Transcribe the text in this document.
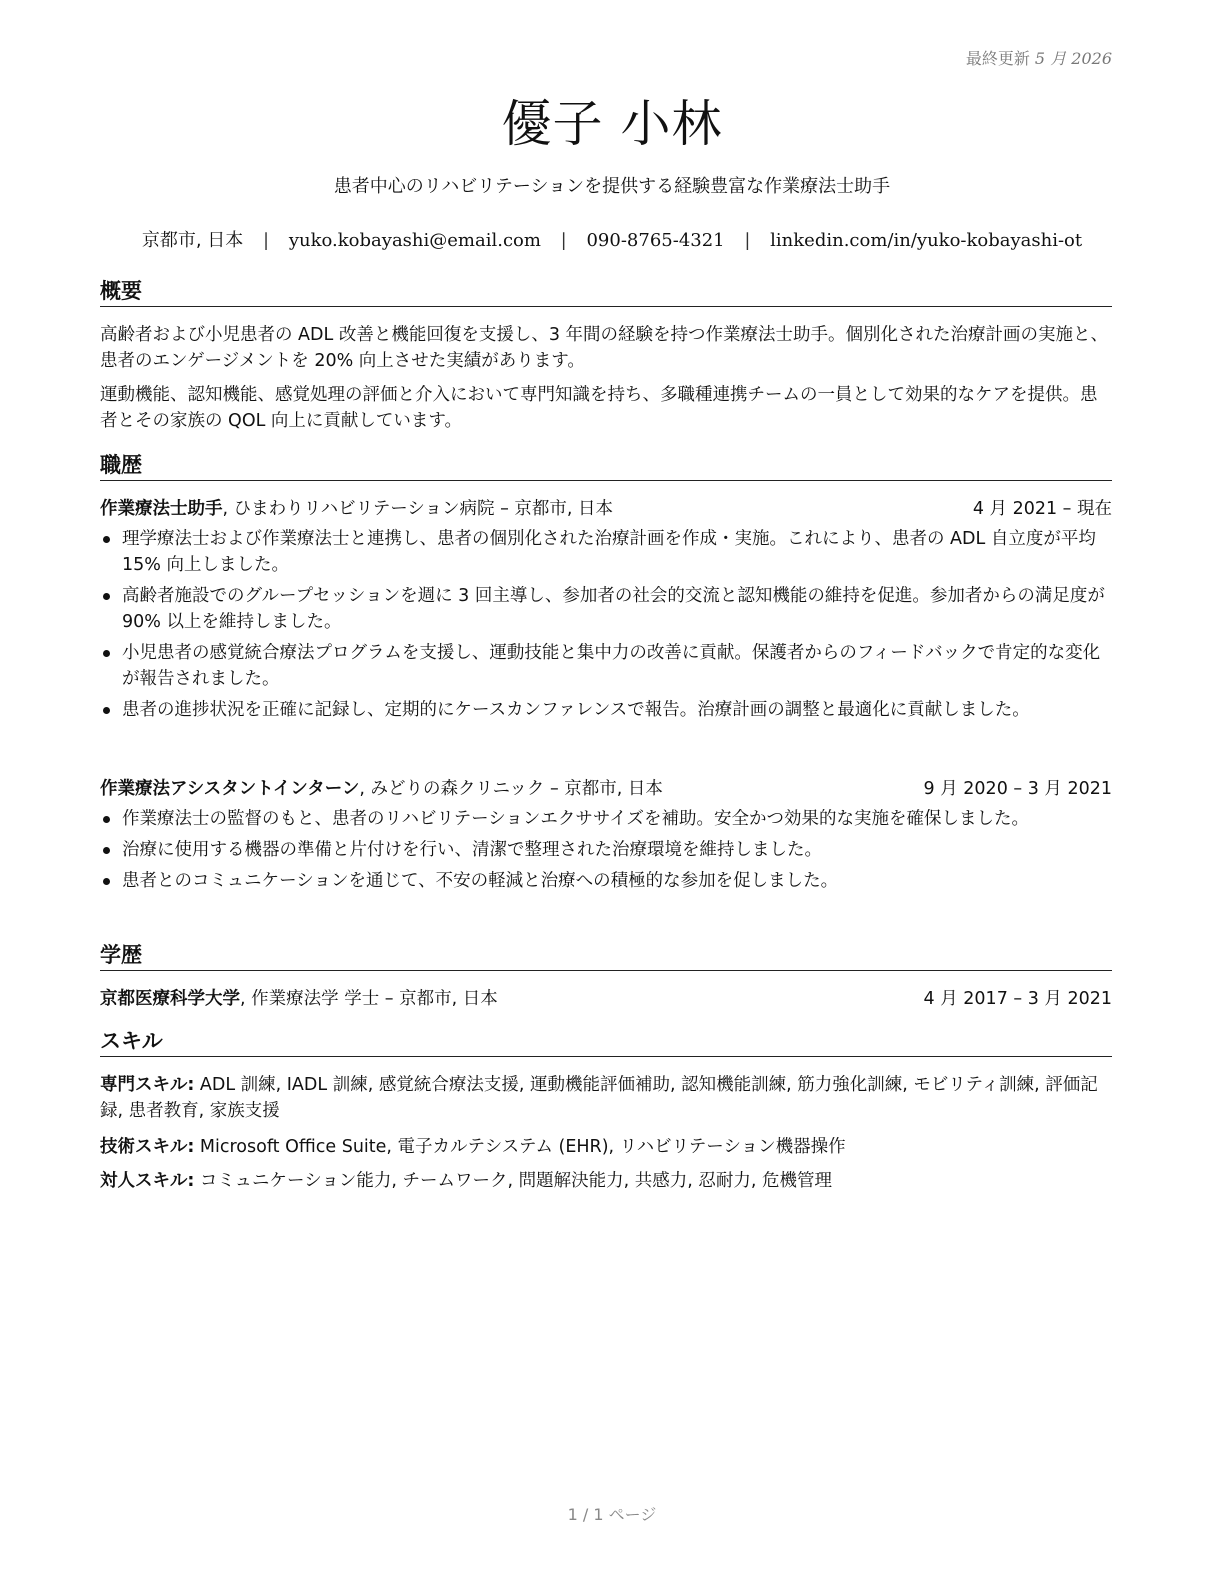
最終更新 5 月 2026
優子 小林
患者中心のリハビリテーションを提供する経験豊富な作業療法士助手
京都市, 日本 | yuko.kobayashi@email.com | 090-8765-4321 | linkedin.com/in/yuko-kobayashi-ot
概要
高齢者および小児患者の ADL 改善と機能回復を支援し、3 年間の経験を持つ作業療法士助手。個別化された治療計画の実施と、患者のエンゲージメントを 20% 向上させた実績があります。
運動機能、認知機能、感覚処理の評価と介入において専門知識を持ち、多職種連携チームの一員として効果的なケアを提供。患者とその家族の QOL 向上に貢献しています。
職歴
作業療法士助手, ひまわりリハビリテーション病院 – 京都市, 日本	4 月 2021 – 現在
理学療法士および作業療法士と連携し、患者の個別化された治療計画を作成・実施。これにより、患者の ADL 自立度が平均 15% 向上しました。
高齢者施設でのグループセッションを週に 3 回主導し、参加者の社会的交流と認知機能の維持を促進。参加者からの満足度が 90% 以上を維持しました。
小児患者の感覚統合療法プログラムを支援し、運動技能と集中力の改善に貢献。保護者からのフィードバックで肯定的な変化が報告されました。
患者の進捗状況を正確に記録し、定期的にケースカンファレンスで報告。治療計画の調整と最適化に貢献しました。
作業療法アシスタントインターン, みどりの森クリニック – 京都市, 日本	9 月 2020 – 3 月 2021
作業療法士の監督のもと、患者のリハビリテーションエクササイズを補助。安全かつ効果的な実施を確保しました。
治療に使用する機器の準備と片付けを行い、清潔で整理された治療環境を維持しました。
患者とのコミュニケーションを通じて、不安の軽減と治療への積極的な参加を促しました。
学歴
京都医療科学大学, 作業療法学 学士 – 京都市, 日本	4 月 2017 – 3 月 2021
スキル
専門スキル: ADL 訓練, IADL 訓練, 感覚統合療法支援, 運動機能評価補助, 認知機能訓練, 筋力強化訓練, モビリティ訓練, 評価記録, 患者教育, 家族支援
技術スキル: Microsoft Office Suite, 電子カルテシステム (EHR), リハビリテーション機器操作
対人スキル: コミュニケーション能力, チームワーク, 問題解決能力, 共感力, 忍耐力, 危機管理
1 / 1 ページ
